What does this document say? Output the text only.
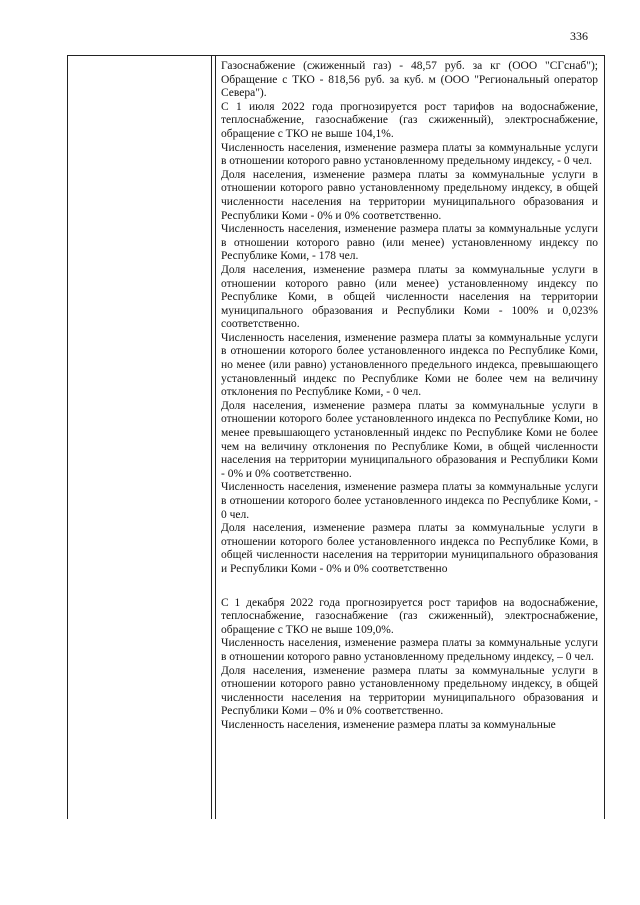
336

Газоснабжение (сжиженный газ) - 48,57 руб. за кг (ООО "СГснаб"); Обращение с ТКО - 818,56 руб. за куб. м (ООО "Региональный оператор Севера").

С 1 июля 2022 года прогнозируется рост тарифов на водоснабжение, теплоснабжение, газоснабжение (газ сжиженный), электроснабжение, обращение с ТКО не выше 104,1%.

Численность населения, изменение размера платы за коммунальные услуги в отношении которого равно установленному предельному индексу, - 0 чел.

Доля населения, изменение размера платы за коммунальные услуги в отношении которого равно установленному предельному индексу, в общей численности населения на территории муниципального образования и Республики Коми - 0% и 0% соответственно.

Численность населения, изменение размера платы за коммунальные услуги в отношении которого равно (или менее) установленному индексу по Республике Коми, - 178 чел.

Доля населения, изменение размера платы за коммунальные услуги в отношении которого равно (или менее) установленному индексу по Республике Коми, в общей численности населения на территории муниципального образования и Республики Коми - 100% и 0,023% соответственно.

Численность населения, изменение размера платы за коммунальные услуги в отношении которого более установленного индекса по Республике Коми, но менее (или равно) установленного предельного индекса, превышающего установленный индекс по Республике Коми не более чем на величину отклонения по Республике Коми, - 0 чел.

Доля населения, изменение размера платы за коммунальные услуги в отношении которого более установленного индекса по Республике Коми, но менее превышающего установленный индекс по Республике Коми не более чем на величину отклонения по Республике Коми, в общей численности населения на территории муниципального образования и Республики Коми - 0% и 0% соответственно.

Численность населения, изменение размера платы за коммунальные услуги в отношении которого более установленного индекса по Республике Коми, - 0 чел.

Доля населения, изменение размера платы за коммунальные услуги в отношении которого более установленного индекса по Республике Коми, в общей численности населения на территории муниципального образования и Республики Коми - 0% и 0% соответственно

С 1 декабря 2022 года прогнозируется рост тарифов на водоснабжение, теплоснабжение, газоснабжение (газ сжиженный), электроснабжение, обращение с ТКО не выше 109,0%.

Численность населения, изменение размера платы за коммунальные услуги в отношении которого равно установленному предельному индексу, – 0 чел.

Доля населения, изменение размера платы за коммунальные услуги в отношении которого равно установленному предельному индексу, в общей численности населения на территории муниципального образования и Республики Коми – 0% и 0% соответственно.

Численность населения, изменение размера платы за коммунальные
